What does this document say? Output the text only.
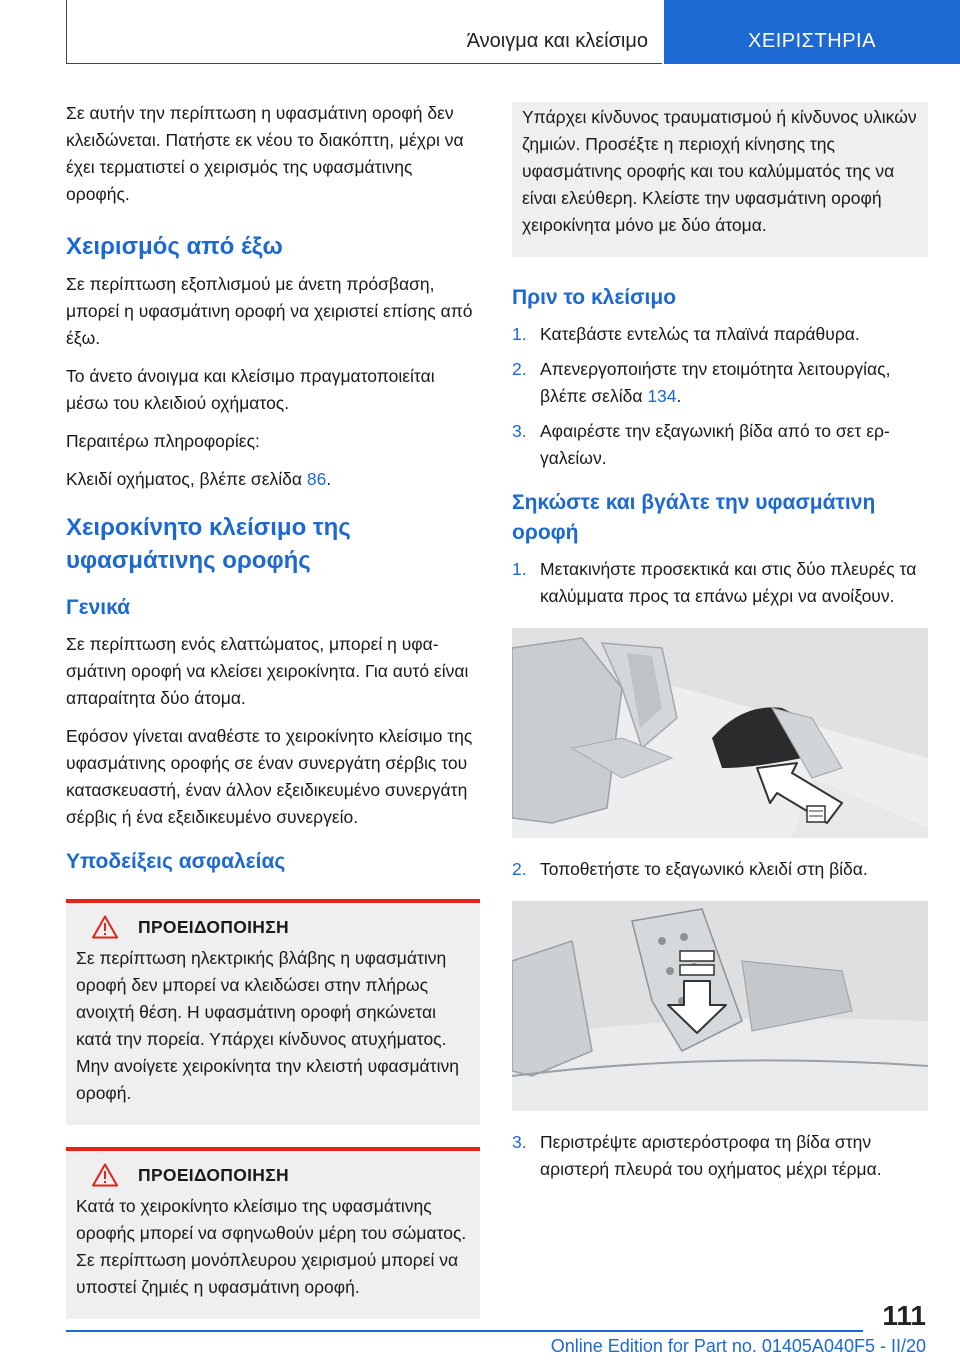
Άνοιγμα και κλείσιμο	ΧΕΙΡΙΣΤΗΡΙΑ

Σε αυτήν την περίπτωση η υφασμάτινη οροφή δεν κλειδώνεται. Πατήστε εκ νέου το διακόπτη, μέχρι να έχει τερματιστεί ο χειρισμός της υφασμάτινης οροφής.

Χειρισμός από έξω

Σε περίπτωση εξοπλισμού με άνετη πρόσβαση, μπορεί η υφασμάτινη οροφή να χειριστεί επίσης από έξω.

Το άνετο άνοιγμα και κλείσιμο πραγματοποιείται μέσω του κλειδιού οχήματος.

Περαιτέρω πληροφορίες:

Κλειδί οχήματος, βλέπε σελίδα 86.

Χειροκίνητο κλείσιμο της υφασμάτινης οροφής
Γενικά

Σε περίπτωση ενός ελαττώματος, μπορεί η υφασμάτινη οροφή να κλείσει χειροκίνητα. Για αυτό είναι απαραίτητα δύο άτομα.

Εφόσον γίνεται αναθέστε το χειροκίνητο κλείσιμο της υφασμάτινης οροφής σε έναν συνεργάτη σέρβις του κατασκευαστή, έναν άλλον εξειδικευμένο συνεργάτη σέρβις ή ένα εξειδικευμένο συνεργείο.

Υποδείξεις ασφαλείας
ΠΡΟΕΙΔΟΠΟΙΗΣΗ

Σε περίπτωση ηλεκτρικής βλάβης η υφασμάτινη οροφή δεν μπορεί να κλειδώσει στην πλήρως ανοιχτή θέση. Η υφασμάτινη οροφή σηκώνεται κατά την πορεία. Υπάρχει κίνδυνος ατυχήματος. Μην ανοίγετε χειροκίνητα την κλειστή υφασμάτινη οροφή.

ΠΡΟΕΙΔΟΠΟΙΗΣΗ

Κατά το χειροκίνητο κλείσιμο της υφασμάτινης οροφής μπορεί να σφηνωθούν μέρη του σώματος. Σε περίπτωση μονόπλευρου χειρισμού μπορεί να υποστεί ζημιές η υφασμάτινη οροφή.

Υπάρχει κίνδυνος τραυματισμού ή κίνδυνος υλικών ζημιών. Προσέξτε η περιοχή κίνησης της υφασμάτινης οροφής και του καλύμματός της να είναι ελεύθερη. Κλείστε την υφασμάτινη οροφή χειροκίνητα μόνο με δύο άτομα.

Πριν το κλείσιμο
1. Κατεβάστε εντελώς τα πλαϊνά παράθυρα.
2. Απενεργοποιήστε την ετοιμότητα λειτουργίας, βλέπε σελίδα 134.
3. Αφαιρέστε την εξαγωνική βίδα από το σετ εργαλείων.
Σηκώστε και βγάλτε την υφασμάτινη οροφή
1. Μετακινήστε προσεκτικά και στις δύο πλευρές τα καλύμματα προς τα επάνω μέχρι να ανοίξουν.
2. Τοποθετήστε το εξαγωνικό κλειδί στη βίδα.
3. Περιστρέψτε αριστερόστροφα τη βίδα στην αριστερή πλευρά του οχήματος μέχρι τέρμα.
111
Online Edition for Part no. 01405A040F5 - II/20
